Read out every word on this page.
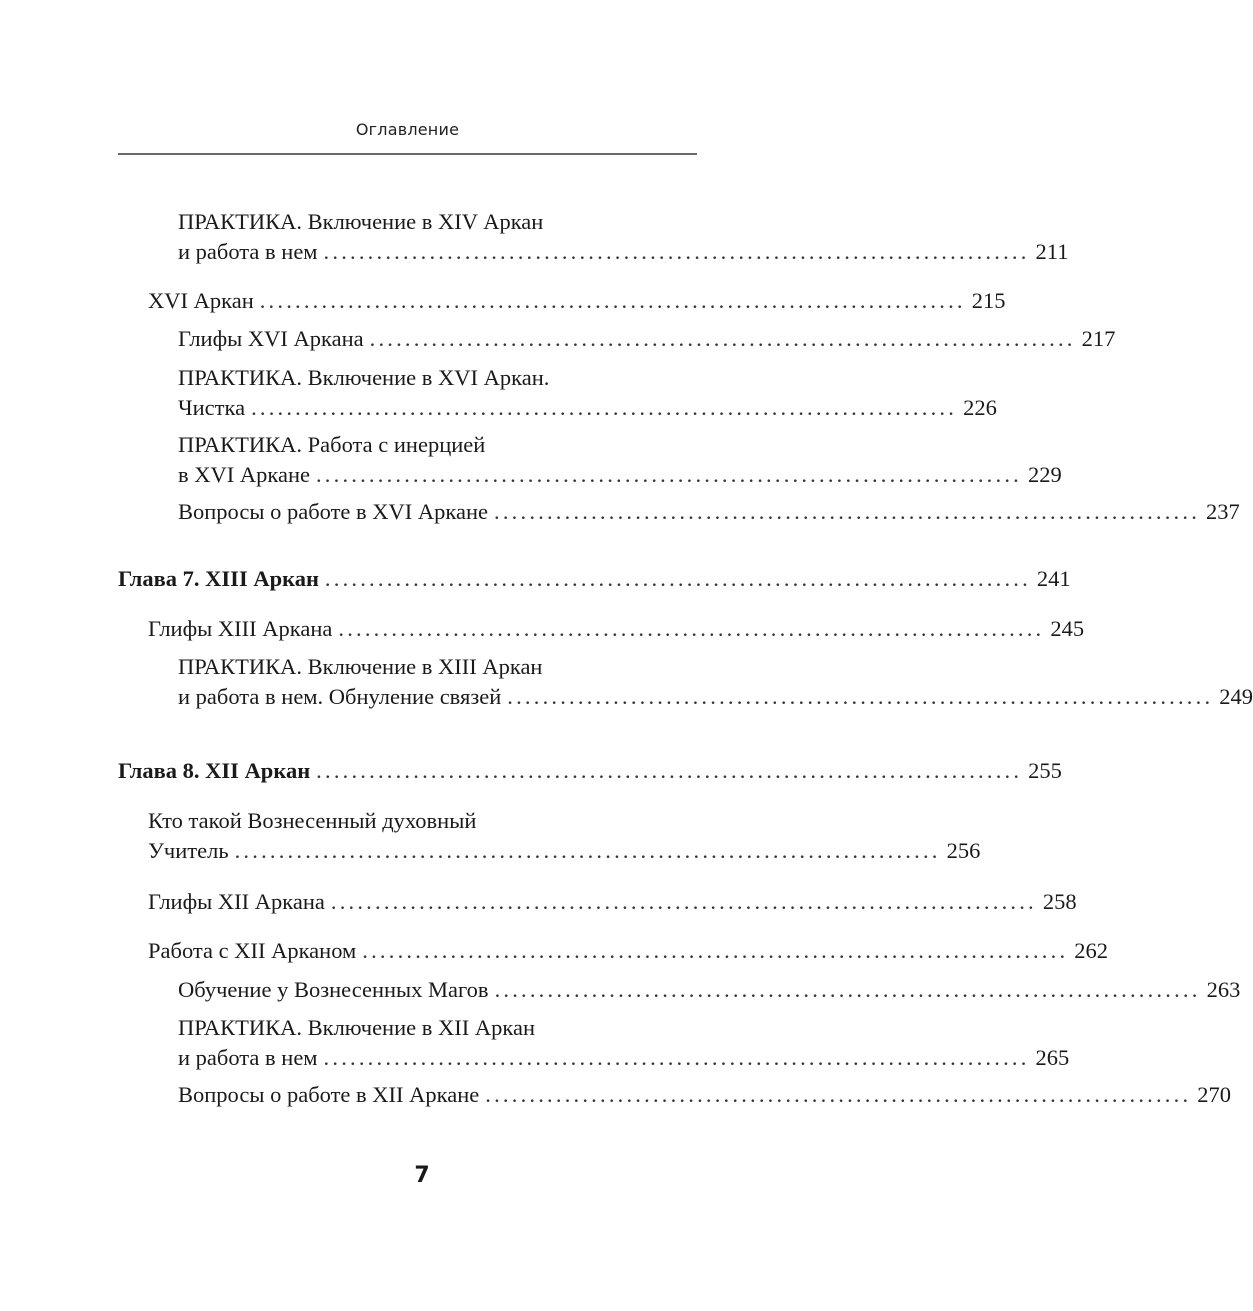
Оглавление
ПРАКТИКА. Включение в XIV Аркан
и работа в нем ................................................................................ 211
XVI Аркан ................................................................................ 215
Глифы XVI Аркана ................................................................................ 217
ПРАКТИКА. Включение в XVI Аркан.
Чистка ................................................................................ 226
ПРАКТИКА. Работа с инерцией
в XVI Аркане ................................................................................ 229
Вопросы о работе в XVI Аркане ................................................................................ 237
Глава 7. XIII Аркан ................................................................................ 241
Глифы XIII Аркана ................................................................................ 245
ПРАКТИКА. Включение в XIII Аркан
и работа в нем. Обнуление связей ................................................................................ 249
Глава 8. XII Аркан ................................................................................ 255
Кто такой Вознесенный духовный
Учитель ................................................................................ 256
Глифы XII Аркана ................................................................................ 258
Работа с XII Арканом ................................................................................ 262
Обучение у Вознесенных Магов ................................................................................ 263
ПРАКТИКА. Включение в XII Аркан
и работа в нем ................................................................................ 265
Вопросы о работе в XII Аркане ................................................................................ 270
7
